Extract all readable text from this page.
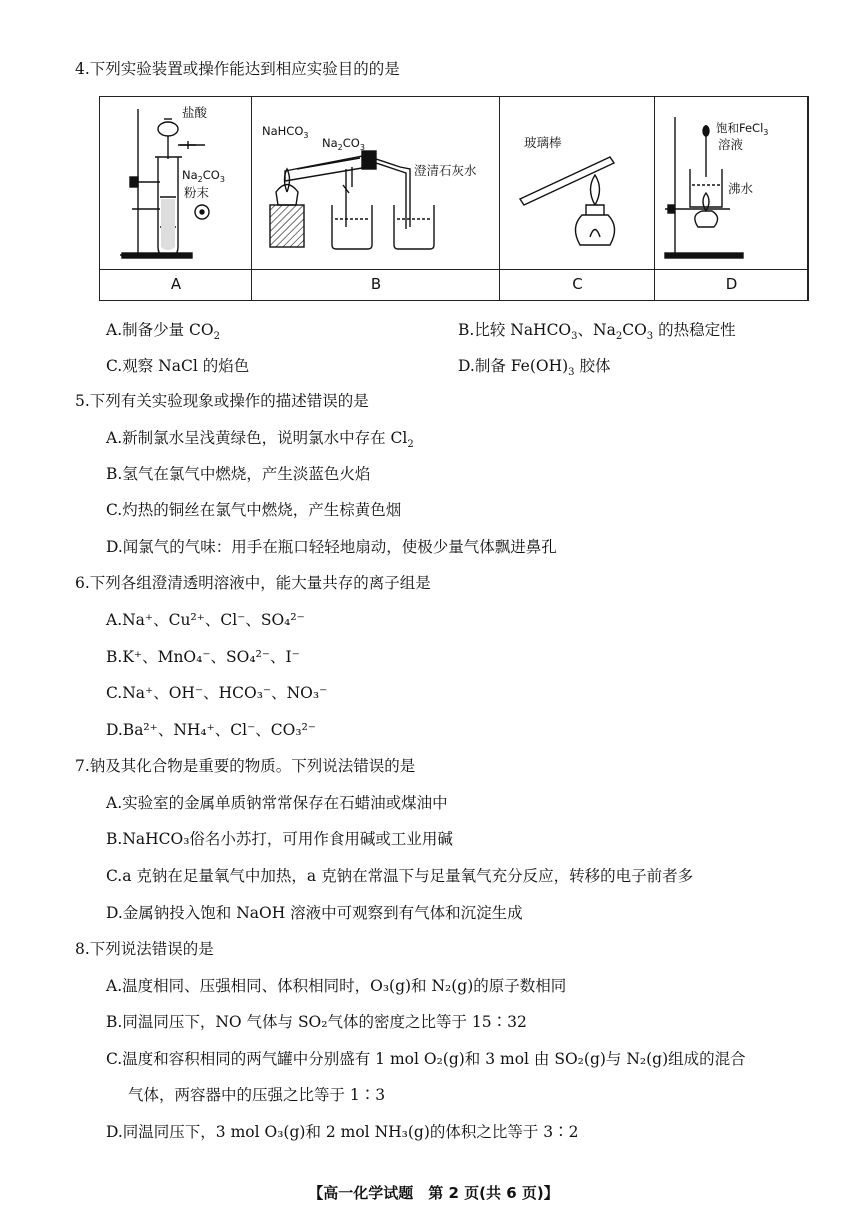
4.下列实验装置或操作能达到相应实验目的的是
A	B	C	D
盐酸
$Na_2CO_3$
粉末
NaHCO$_3$
$Na_2CO_3$
澄清石灰水
玻璃棒
饱和FeCl$_3$
溶液
沸水
A.制备少量 $CO_2$	B.比较 NaHCO$_3$、$Na_2CO_3$ 的热稳定性
C.观察 NaCl 的焰色	D.制备 $Fe(OH)_3$ 胶体
5.下列有关实验现象或操作的描述错误的是
A.新制氯水呈浅黄绿色，说明氯水中存在 $Cl_2$
B.氢气在氯气中燃烧，产生淡蓝色火焰
C.灼热的铜丝在氯气中燃烧，产生棕黄色烟
D.闻氯气的气味：用手在瓶口轻轻地扇动，使极少量气体飘进鼻孔
6.下列各组澄清透明溶液中，能大量共存的离子组是
A.Na⁺、Cu²⁺、Cl⁻、SO₄²⁻
B.K⁺、MnO₄⁻、SO₄²⁻、I⁻
C.Na⁺、OH⁻、HCO₃⁻、NO₃⁻
D.Ba²⁺、NH₄⁺、Cl⁻、CO₃²⁻
7.钠及其化合物是重要的物质。下列说法错误的是
A.实验室的金属单质钠常常保存在石蜡油或煤油中
B.NaHCO₃俗名小苏打，可用作食用碱或工业用碱
C.a 克钠在足量氧气中加热，a 克钠在常温下与足量氧气充分反应，转移的电子前者多
D.金属钠投入饱和 NaOH 溶液中可观察到有气体和沉淀生成
8.下列说法错误的是
A.温度相同、压强相同、体积相同时，O₃(g)和 N₂(g)的原子数相同
B.同温同压下，NO 气体与 SO₂气体的密度之比等于 15∶32
C.温度和容积相同的两气罐中分别盛有 1 mol O₂(g)和 3 mol 由 SO₂(g)与 N₂(g)组成的混合
气体，两容器中的压强之比等于 1∶3
D.同温同压下，3 mol O₃(g)和 2 mol NH₃(g)的体积之比等于 3∶2
【高一化学试题　第 2 页(共 6 页)】
